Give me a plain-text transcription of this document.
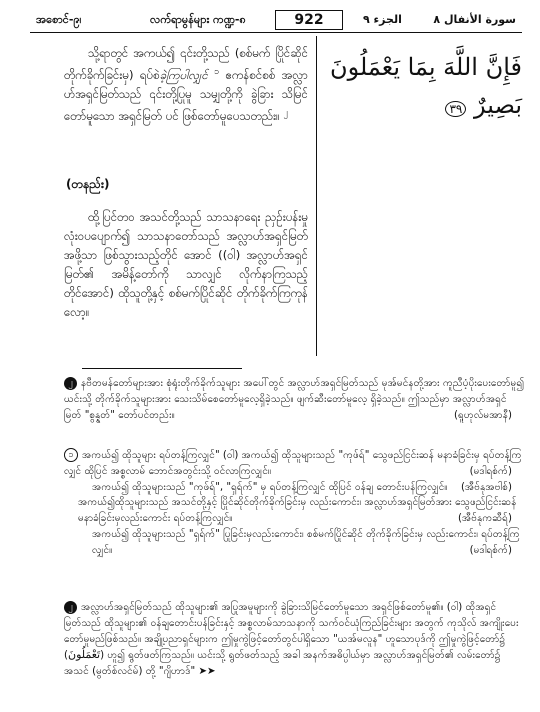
အစောင်-၉၊	လက်ရာမွန်များ ကဏ္ဍ-၈	922	الجزء ٩	سورة الأنفال ٨
فَإِنَّ اللَّهَ بِمَا يَعْمَلُونَ
بَصِيرٌ ٣٩
သို့ရာတွင် အကယ်၍ ၎င်းတို့သည် (စစ်မက် ပြိုင်ဆိုင် တိုက်ခိုက်ခြင်းမှ) ရပ်စဲခဲ့ကြပါလျှင် $^၁$ ဧကန်စင်စစ် အလ္လာဟ်အရှင်မြတ်သည် ၎င်းတို့ပြုမူ သမျှတို့ကို ခွဲခြား သိမြင်တော်မူသော အရှင်မြတ် ပင် ဖြစ်တော်မူပေသတည်း။ $^၂$
(တနည်း)
ထို့ပြင်တဝ အသင်တို့သည် သာသနာရေး ညှဉ်းပန်းမှု လုံးဝပပျောက်၍ သာသနာတော်သည် အလ္လာဟ်အရှင်မြတ်အဖို့သာ ဖြစ်သွားသည့်တိုင် အောင် ((ဝါ) အလ္လာဟ်အရှင်မြတ်၏ အမိန့်တော်ကို သာလျှင် လိုက်နာကြသည့်တိုင်အောင်) ထိုသူတို့နှင့် စစ်မက်ပြိုင်ဆိုင် တိုက်ခိုက်ကြကုန်လော့။
၂ နဗီတမန်တော်များအား စုံရုံးတိုက်ခိုက်သူများ အပေါ်တွင် အလ္လာဟ်အရှင်မြတ်သည် မုအ်မင်နတို့အား ကူညီပံ့ပိုးပေးတော်မူ၍ ယင်းသို့ တိုက်ခိုက်သူများအား သေးသိမ်စေတော်မူလေ့ရှိခဲ့သည်။ ဖျက်ဆီးတော်မူလေ့ ရှိခဲ့သည်။ ဤသည်မှာ အလ္လာဟ်အရှင်မြတ် "စွန္နတ်" တော်ပင်တည်း။	(ရူဟုလ်မအာနီ)
၁ အကယ်၍ ထိုသူများ ရပ်တန့်ကြလျှင်" (ဝါ) အကယ်၍ ထိုသူများသည် "ကုဖ်ရ်" သွေဖည်ငြင်းဆန် မနာခံခြင်းမှ ရပ်တန့်ကြလျှင် ထိုပြင် အစ္စလာမ် ဘောင်အတွင်းသို့ ဝင်လာကြလျှင်။	(မဒါရစ်က်)
အကယ်၍ ထိုသူများသည် "ကုဖ်ရ်", "ရှရ်က်" မှ ရပ်တန့်ကြလျှင် ထိုပြင် ဝန်ချ တောင်းပန်ကြလျှင်။ (အီဗ်နုအဗါစ်)
အကယ်၍ထိုသူများသည် အသင်တို့နှင့် ပြိုင်ဆိုင်တိုက်ခိုက်ခြင်းမှ လည်းကောင်း၊ အလ္လာဟ်အရှင်မြတ်အား သွေဖည်ငြင်းဆန် မနာခံခြင်းမှလည်းကောင်း ရပ်တန့်ကြလျှင်။	(အီဗ်နုကဆီရ်)
အကယ်၍ ထိုသူများသည် "ရှရ်က်" ပြုခြင်းမှလည်းကောင်း၊ စစ်မက်ပြိုင်ဆိုင် တိုက်ခိုက်ခြင်းမှ လည်းကောင်း၊ ရပ်တန့်ကြလျှင်။	(မဒါရစ်က်)
၂ အလ္လာဟ်အရှင်မြတ်သည် ထိုသူများ၏ အပြုအမူများကို ခွဲခြားသိမြင်တော်မူသော အရှင်ဖြစ်တော်မူ၏။ (ဝါ) ထိုအရှင်မြတ်သည် ထိုသူများ၏ ဝန်ချတောင်းပန်ခြင်းနှင့် အစ္စလာမ်သာသနာကို သက်ဝင်ယုံကြည်ခြင်းများ အတွက် ကုသိုလ် အကျိုးပေးတော်မူမည်ဖြစ်သည်။ အချို့ပညာရှင်များက ဤမှုကွဲဖြင့်တော်တွင်ပါရှိသော "ယအ်မလူန" ဟူသောပုဒ်ကို ဤမှုကွဲဖြင့်တော်၌ (تَعْمَلُونَ) ဟူ၍ ရွတ်ဖတ်ကြသည်။ ယင်းသို့ ရွတ်ဖတ်သည့် အခါ အနက်အဓိပ္ပါယ်မှာ အလ္လာဟ်အရှင်မြတ်၏ လမ်းတော်၌ အသင် (မွတ်စ်လင်မ်) တို့ "ဂျိဟာဒ်" ➤➤
